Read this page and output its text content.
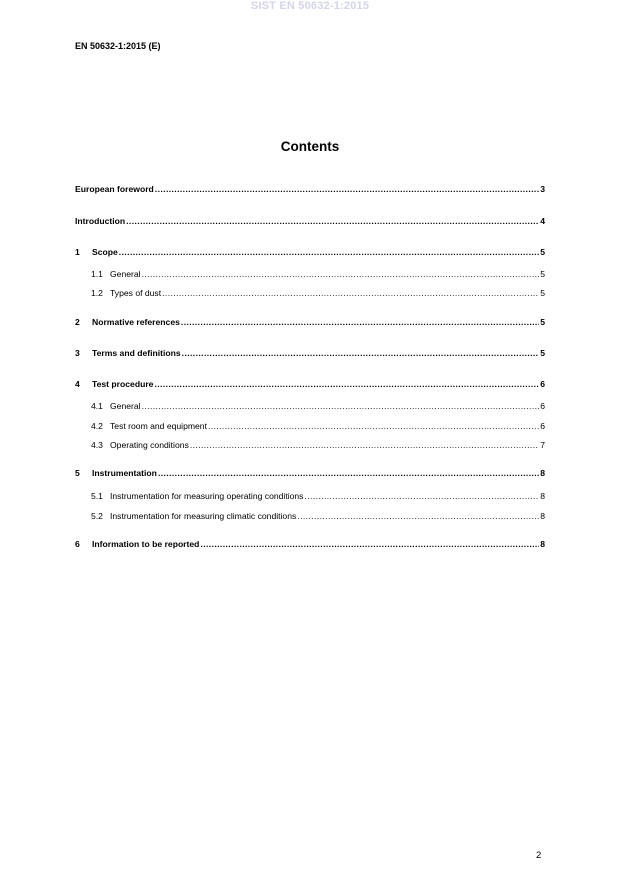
SIST EN 50632-1:2015
EN 50632-1:2015 (E)
Contents
European foreword .....	3
Introduction .....	4
1	Scope .....	5
1.1 General .....	5
1.2 Types of dust .....	5
2	Normative references .....	5
3	Terms and definitions .....	5
4	Test procedure .....	6
4.1 General .....	6
4.2 Test room and equipment .....	6
4.3 Operating conditions .....	7
5	Instrumentation .....	8
5.1 Instrumentation for measuring operating conditions .....	8
5.2 Instrumentation for measuring climatic conditions .....	8
6	Information to be reported .....	8
2
